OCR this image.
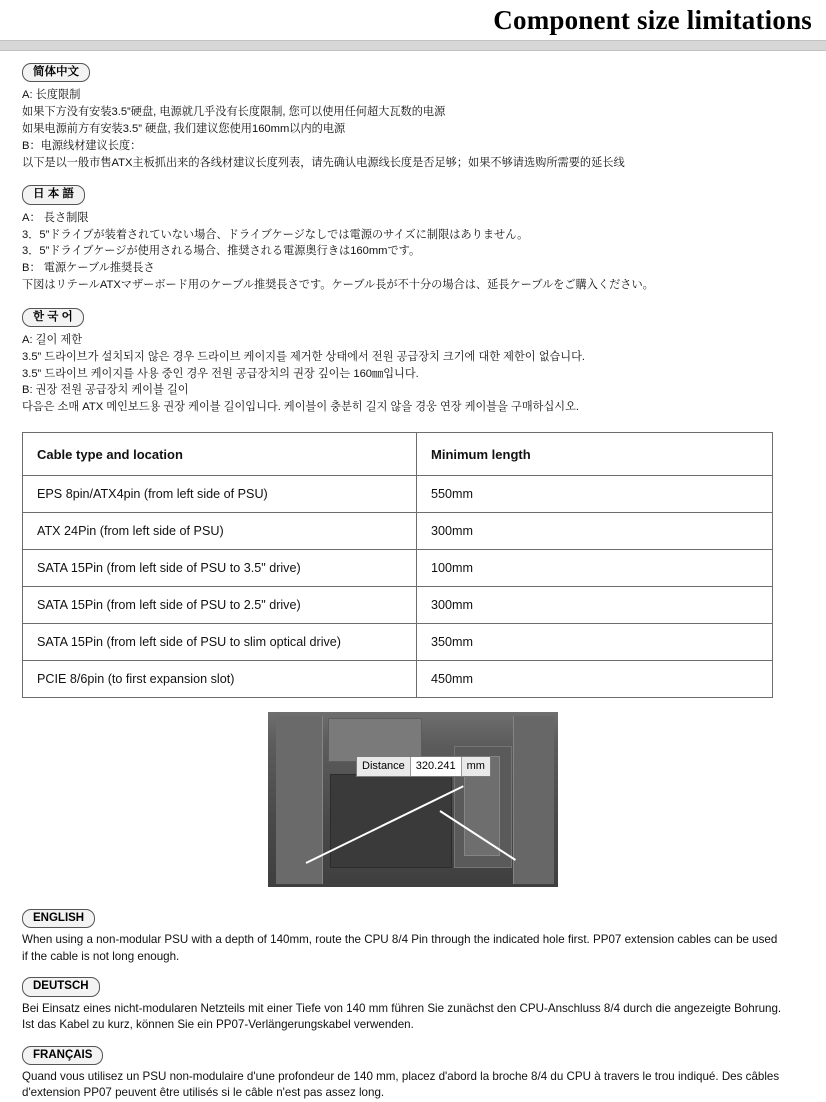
Component size limitations
简体中文

A: 长度限制

如果下方没有安装3.5”硬盘, 电源就几乎没有长度限制, 您可以使用任何超大瓦数的电源

如果电源前方有安装3.5” 硬盘, 我们建议您使用160mm以内的电源

B：电源线材建议长度：

以下是以一般市售ATX主板抓出来的各线材建议长度列表，请先确认电源线长度是否足够；如果不够请选购所需要的延长线

日 本 語

A： 長さ制限

3．5”ドライブが装着されていない場合、ドライブケージなしでは電源のサイズに制限はありません。

3．5”ドライブケージが使用される場合、推奨される電源奥行きは160mmです。

B： 電源ケーブル推奨長さ

下図はリテールATXマザーボード用のケーブル推奨長さです。ケーブル長が不十分の場合は、延長ケーブルをご購入ください。

한 국 어

A: 길이 제한

3.5” 드라이브가 설치되지 않은 경우 드라이브 케이지를 제거한 상태에서 전원 공급장치 크기에 대한 제한이 없습니다.

3.5” 드라이브 케이지를 사용 중인 경우 전원 공급장치의 권장 깊이는 160㎜입니다.

B: 권장 전원 공급장치 케이블 길이

다음은 소매 ATX 메인보드용 권장 케이블 길이입니다. 케이블이 충분히 길지 않을 경웅 연장 케이블을 구매하십시오.

Cable type and location	Minimum length
EPS 8pin/ATX4pin (from left side of PSU)	550mm
ATX 24Pin (from left side of PSU)	300mm
SATA 15Pin (from left side of PSU to 3.5" drive)	100mm
SATA 15Pin (from left side of PSU to 2.5" drive)	300mm
SATA 15Pin (from left side of PSU to slim optical drive)	350mm
PCIE 8/6pin (to first expansion slot)	450mm
Distance	320.241	mm
ENGLISH

When using a non-modular PSU with a depth of 140mm, route the CPU 8/4 Pin through the indicated hole first. PP07 extension cables can be used

if the cable is not long enough.

DEUTSCH

Bei Einsatz eines nicht-modularen Netzteils mit einer Tiefe von 140 mm führen Sie zunächst den CPU-Anschluss 8/4 durch die angezeigte Bohrung.

Ist das Kabel zu kurz, können Sie ein PP07-Verlängerungskabel verwenden.

FRANÇAIS

Quand vous utilisez un PSU non-modulaire d'une profondeur de 140 mm, placez d'abord la broche 8/4 du CPU à travers le trou indiqué. Des câbles

d'extension PP07 peuvent être utilisés si le câble n'est pas assez long.
